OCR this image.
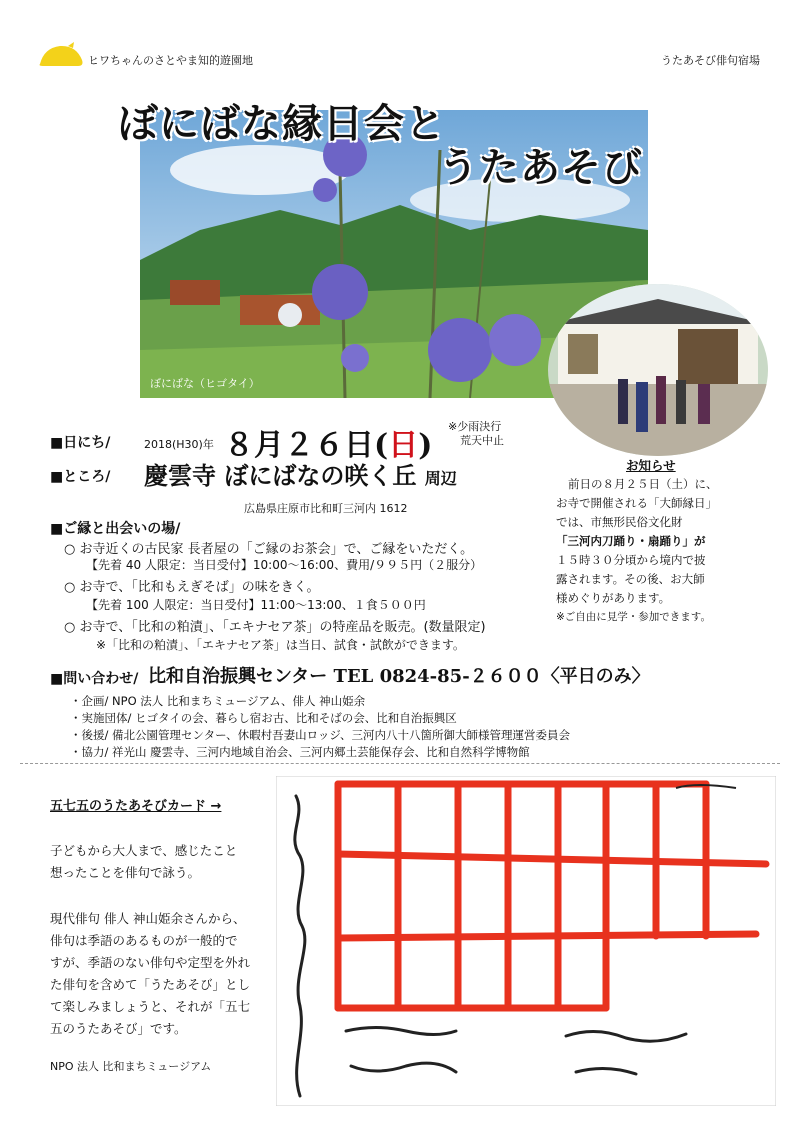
ヒワちゃんのさとやま知的遊園地	うたあそび俳句宿場
ぼにばな（ヒゴタイ）
ぼにばな縁日会と
うたあそび
■日にち/	2018(H30)年 ８月２６日(日)
※少雨決行
荒天中止
■ところ/ 慶雲寺 ぼにばなの咲く丘 周辺
広島県庄原市比和町三河内 1612
■ご縁と出会いの場/
○ お寺近くの古民家 長者屋の「ご縁のお茶会」で、ご縁をいただく。
【先着 40 人限定：当日受付】10:00～16:00、費用/９９５円（２服分）
○ お寺で、「比和もえぎそば」の味をきく。
【先着 100 人限定：当日受付】11:00～13:00、１食５００円
○ お寺で、「比和の粕漬」、「エキナセア茶」の特産品を販売。(数量限定)
※「比和の粕漬」、「エキナセア茶」は当日、試食・試飲ができます。
お知らせ
前日の８月２５日（土）に、
お寺で開催される「大師縁日」
では、市無形民俗文化財
「三河内刀踊り・扇踊り」が
１５時３０分頃から境内で披
露されます。その後、お大師
様めぐりがあります。
※ご自由に見学・参加できます。
■問い合わせ/ 比和自治振興センター TEL 0824-85-２６００〈平日のみ〉
・企画/ NPO 法人 比和まちミュージアム、俳人 神山姫余
・実施団体/ ヒゴタイの会、暮らし宿お古、比和そばの会、比和自治振興区
・後援/ 備北公園管理センター、休暇村吾妻山ロッジ、三河内八十八箇所御大師様管理運営委員会
・協力/ 祥光山 慶雲寺、三河内地域自治会、三河内郷土芸能保存会、比和自然科学博物館
五七五のうたあそびカード →
子どもから大人まで、感じたこと
想ったことを俳句で詠う。
現代俳句 俳人 神山姫余さんから、
俳句は季語のあるものが一般的で
すが、季語のない俳句や定型を外れ
た俳句を含めて「うたあそび」とし
て楽しみましょうと、それが「五七
五のうたあそび」です。
NPO 法人 比和まちミュージアム
